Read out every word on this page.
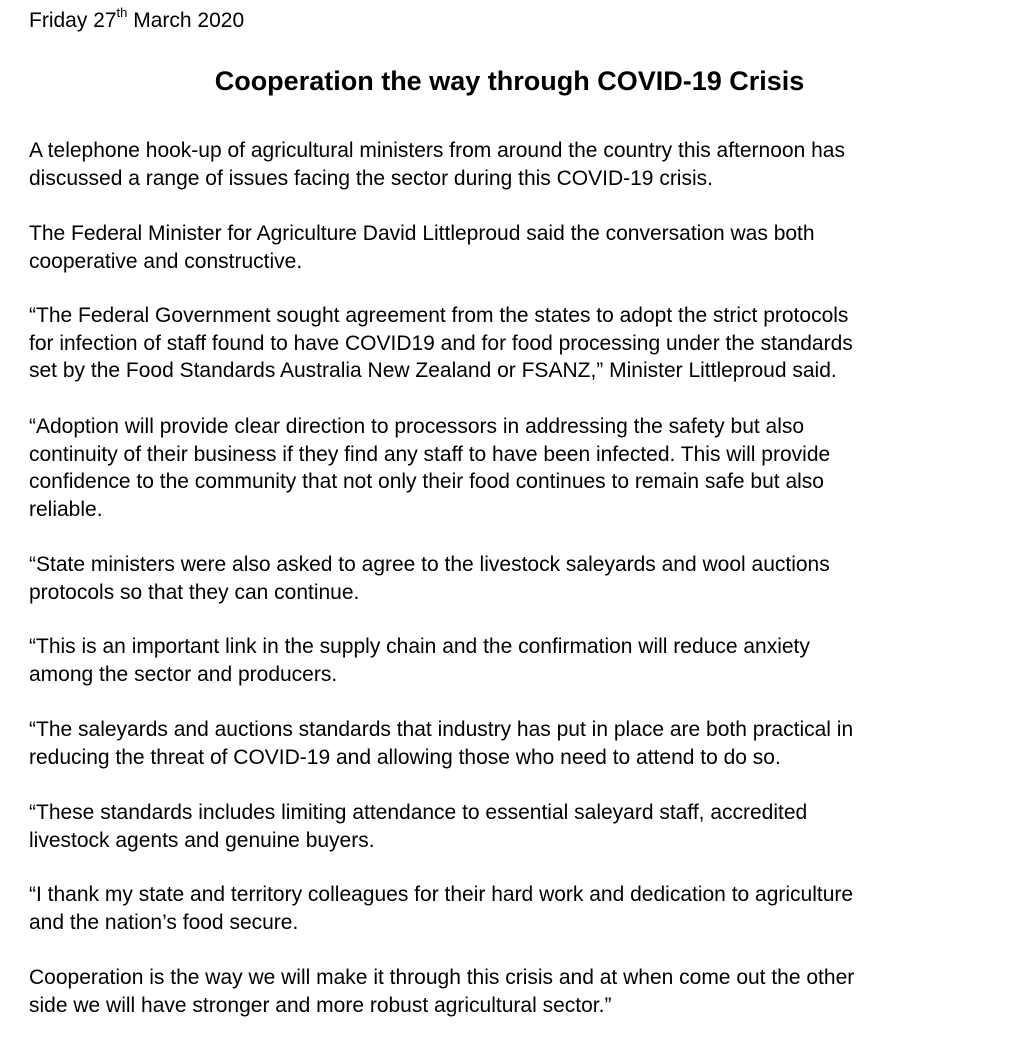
Friday 27th March 2020
Cooperation the way through COVID-19 Crisis
A telephone hook-up of agricultural ministers from around the country this afternoon has
discussed a range of issues facing the sector during this COVID-19 crisis.
The Federal Minister for Agriculture David Littleproud said the conversation was both
cooperative and constructive.
“The Federal Government sought agreement from the states to adopt the strict protocols
for infection of staff found to have COVID19 and for food processing under the standards
set by the Food Standards Australia New Zealand or FSANZ,” Minister Littleproud said.
“Adoption will provide clear direction to processors in addressing the safety but also
continuity of their business if they find any staff to have been infected. This will provide
confidence to the community that not only their food continues to remain safe but also
reliable.
“State ministers were also asked to agree to the livestock saleyards and wool auctions
protocols so that they can continue.
“This is an important link in the supply chain and the confirmation will reduce anxiety
among the sector and producers.
“The saleyards and auctions standards that industry has put in place are both practical in
reducing the threat of COVID-19 and allowing those who need to attend to do so.
“These standards includes limiting attendance to essential saleyard staff, accredited
livestock agents and genuine buyers.
“I thank my state and territory colleagues for their hard work and dedication to agriculture
and the nation’s food secure.
Cooperation is the way we will make it through this crisis and at when come out the other
side we will have stronger and more robust agricultural sector.”
